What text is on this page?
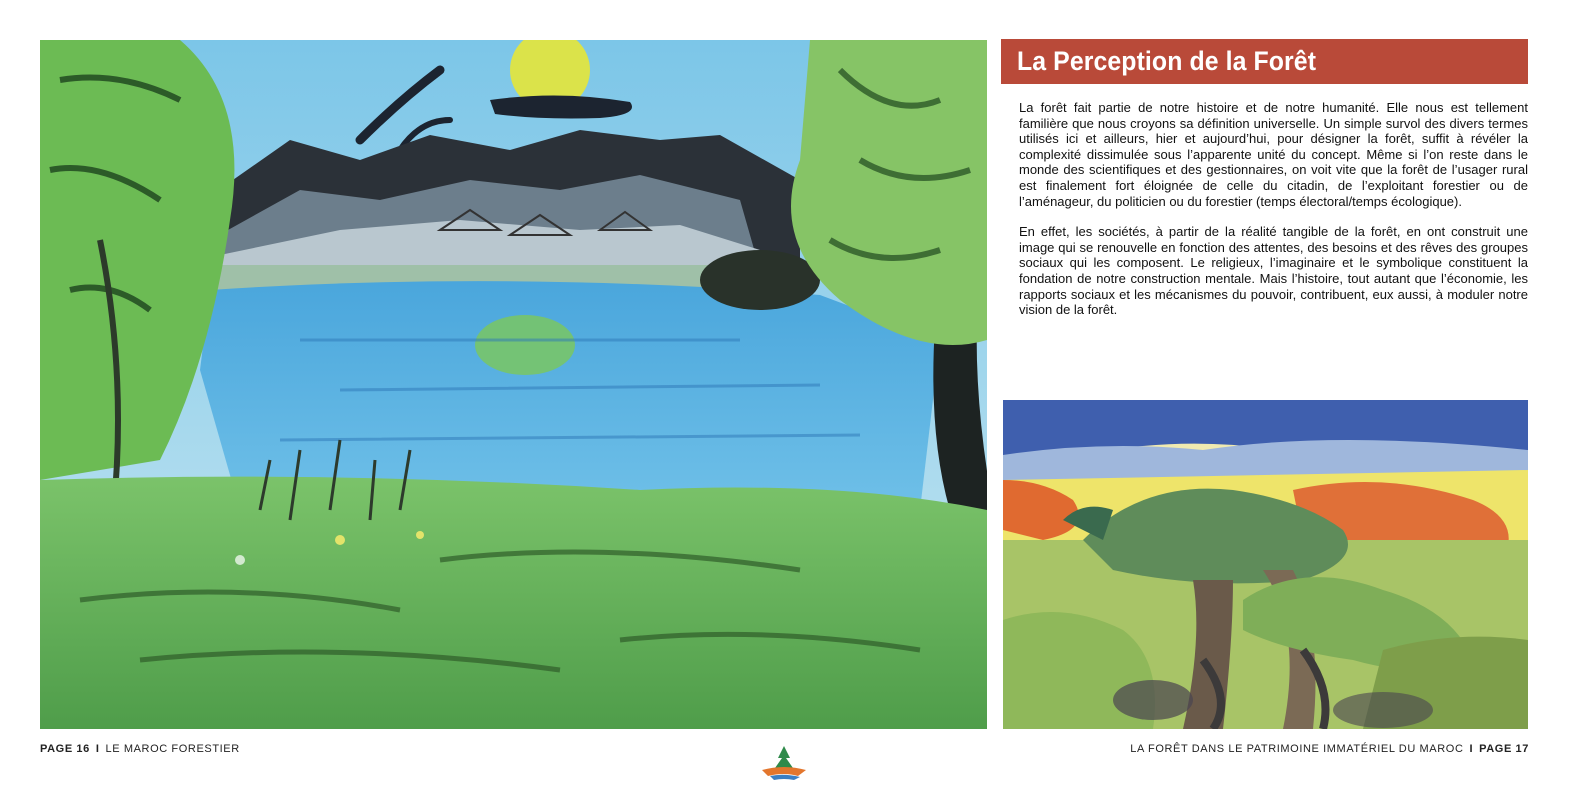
La Perception de la Forêt

La forêt fait partie de notre histoire et de notre humanité. Elle nous est tellement familière que nous croyons sa définition universelle. Un simple survol des divers termes utilisés ici et ailleurs, hier et aujourd’hui, pour désigner la forêt, suffit à révéler la complexité dissimulée sous l’apparente unité du concept. Même si l’on reste dans le monde des scientifiques et des gestionnaires, on voit vite que la forêt de l’usager rural est finalement fort éloignée de celle du citadin, de l’exploitant forestier ou de l’aménageur, du politicien ou du forestier (temps électoral/temps écologique).

En effet, les sociétés, à partir de la réalité tangible de la forêt, en ont construit une image qui se renouvelle en fonction des attentes, des besoins et des rêves des groupes sociaux qui les composent. Le religieux, l’imaginaire et le symbolique constituent la fondation de notre construction mentale. Mais l’histoire, tout autant que l’économie, les rapports sociaux et les mécanismes du pouvoir, contribuent, eux aussi, à moduler notre vision de la forêt.

PAGE 16 I LE MAROC FORESTIER	LA FORÊT DANS LE PATRIMOINE IMMATÉRIEL DU MAROC I PAGE 17
